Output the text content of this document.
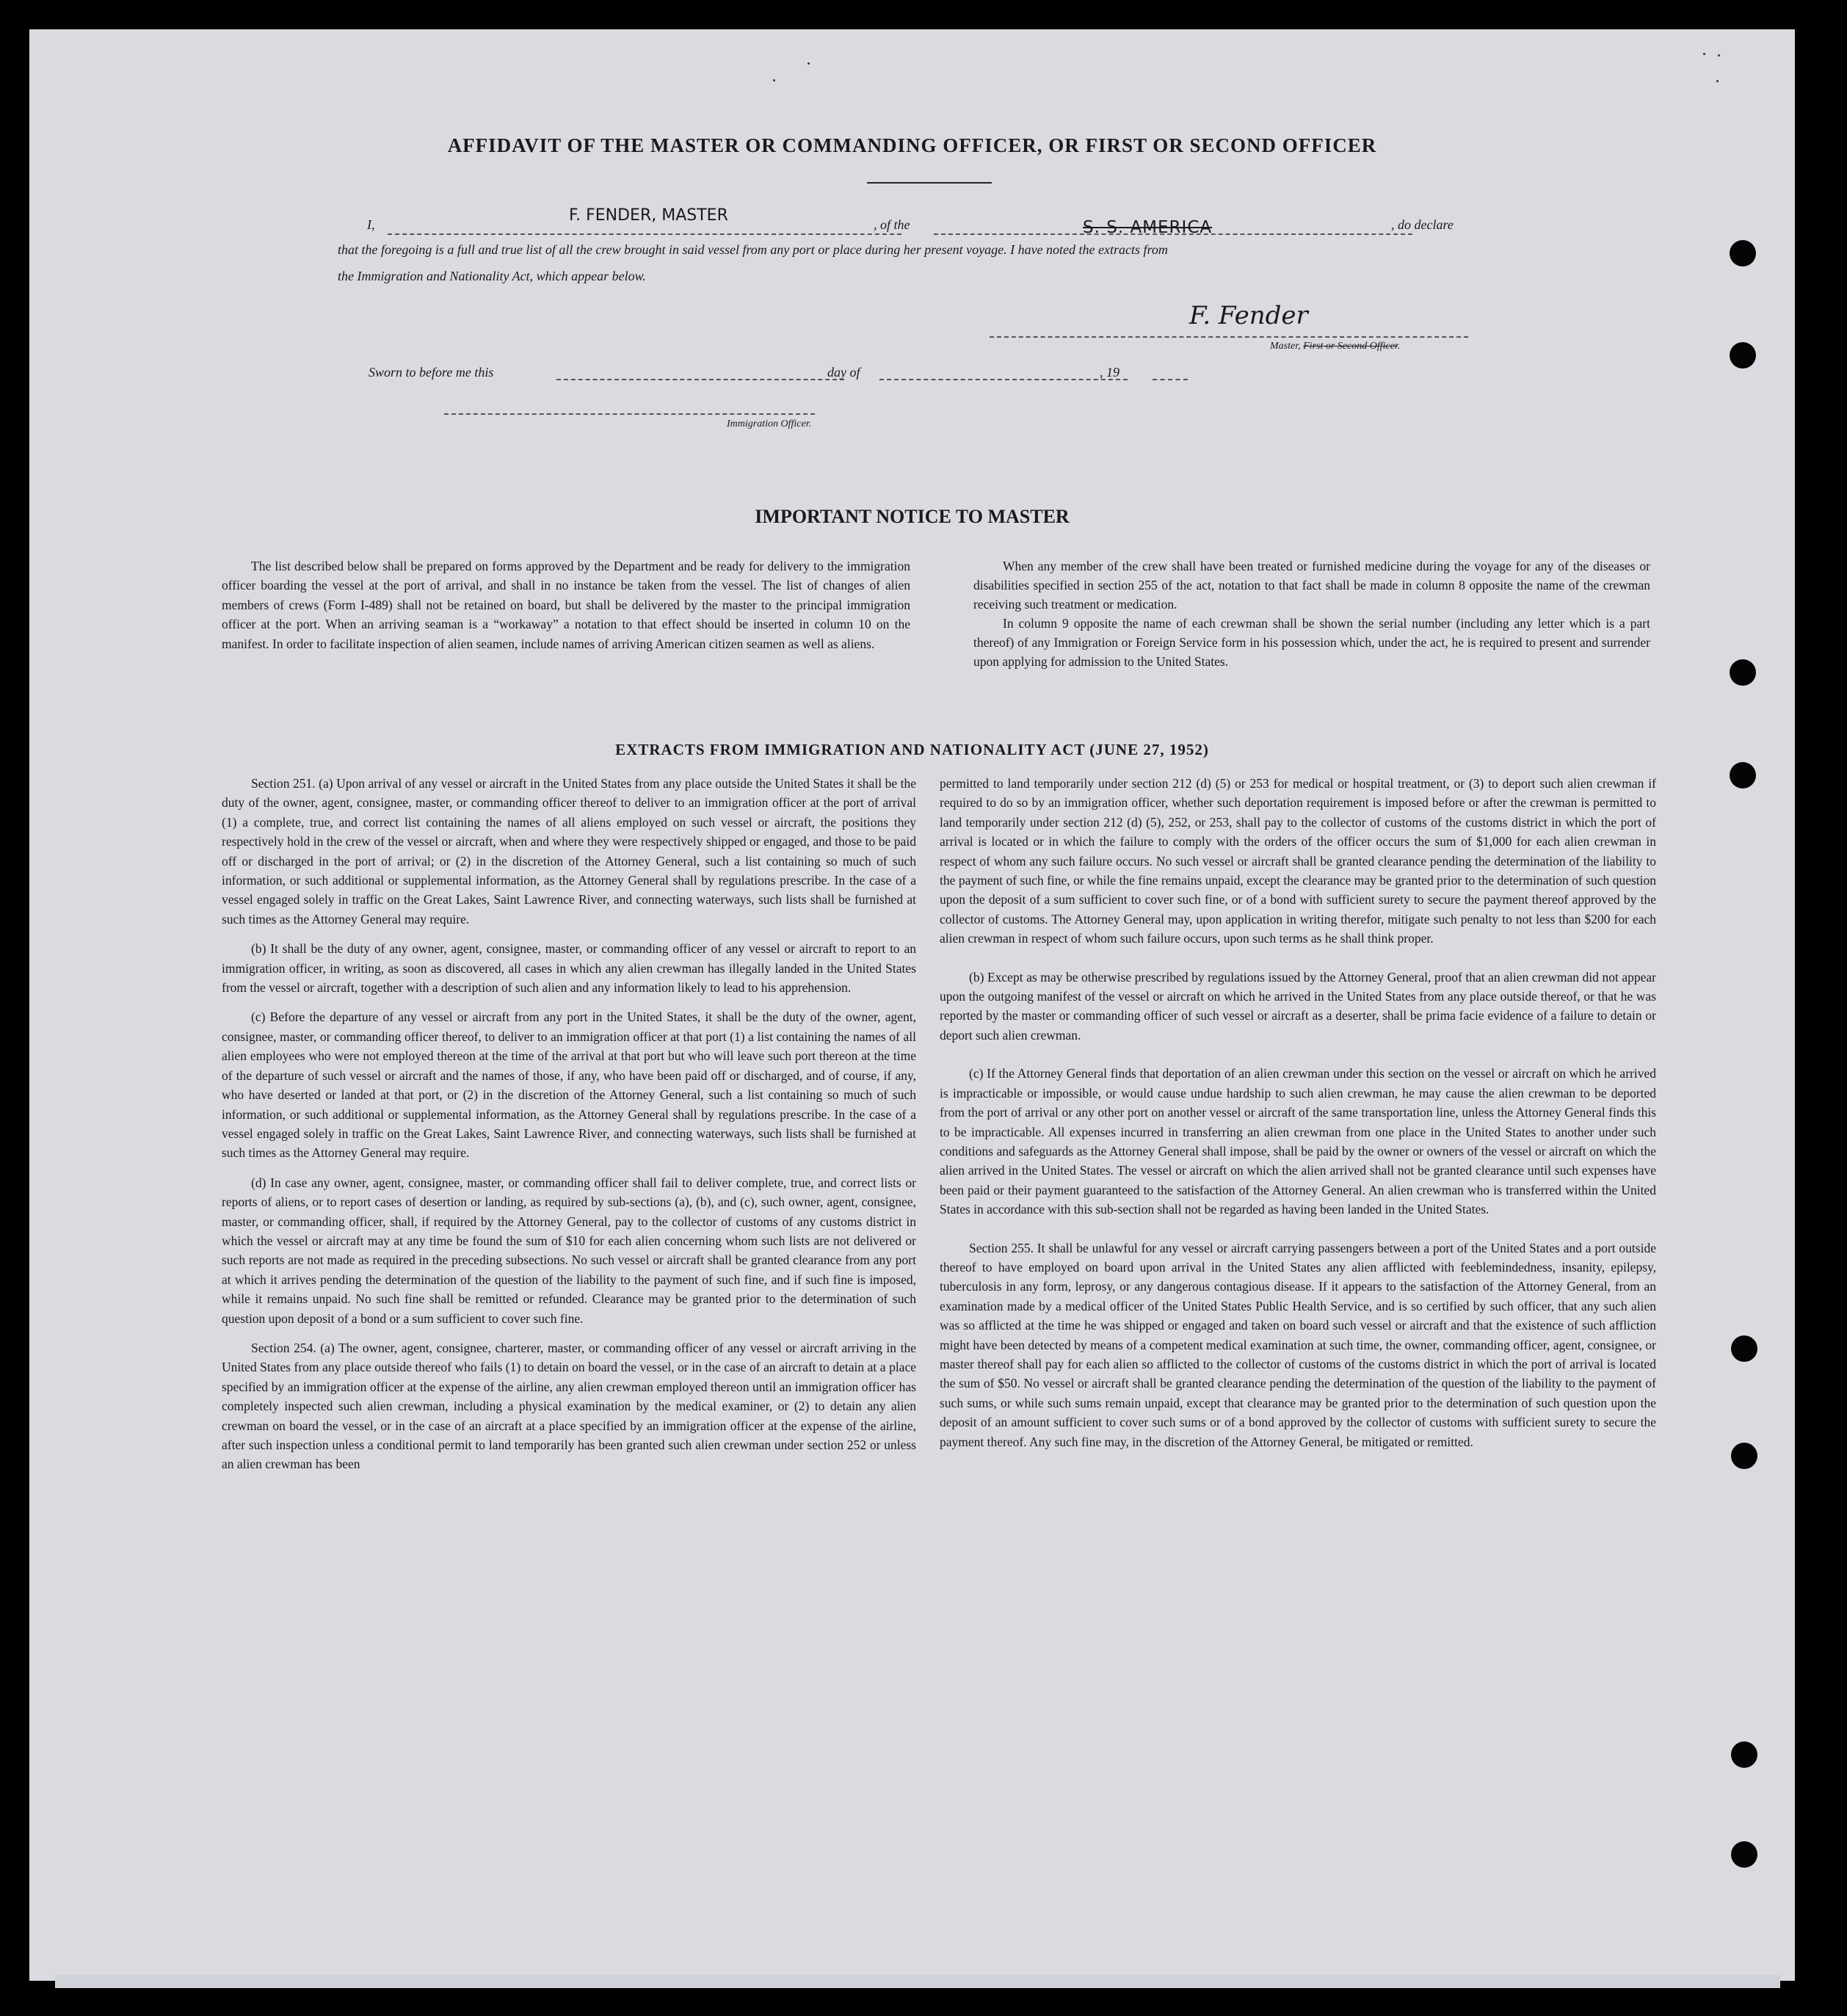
AFFIDAVIT OF THE MASTER OR COMMANDING OFFICER, OR FIRST OR SECOND OFFICER
I,	F. FENDER, MASTER	, of the	S. S. AMERICA	, do declare
that the foregoing is a full and true list of all the crew brought in said vessel from any port or place during her present voyage. I have noted the extracts from
the Immigration and Nationality Act, which appear below.
F. Fender
Master, First or Second Officer.
Sworn to before me this	day of	, 19
Immigration Officer.
IMPORTANT NOTICE TO MASTER

The list described below shall be prepared on forms approved by the Department and be ready for delivery to the immigration officer boarding the vessel at the port of arrival, and shall in no instance be taken from the vessel. The list of changes of alien members of crews (Form I-489) shall not be retained on board, but shall be delivered by the master to the principal immigration officer at the port. When an arriving seaman is a “workaway” a notation to that effect should be inserted in column 10 on the manifest. In order to facilitate inspection of alien seamen, include names of arriving American citizen seamen as well as aliens.

When any member of the crew shall have been treated or furnished medicine during the voyage for any of the diseases or disabilities specified in section 255 of the act, notation to that fact shall be made in column 8 opposite the name of the crewman receiving such treatment or medication.

In column 9 opposite the name of each crewman shall be shown the serial number (including any letter which is a part thereof) of any Immigration or Foreign Service form in his possession which, under the act, he is required to present and surrender upon applying for admission to the United States.

EXTRACTS FROM IMMIGRATION AND NATIONALITY ACT (JUNE 27, 1952)

Section 251. (a) Upon arrival of any vessel or aircraft in the United States from any place outside the United States it shall be the duty of the owner, agent, consignee, master, or commanding officer thereof to deliver to an immigration officer at the port of arrival (1) a complete, true, and correct list containing the names of all aliens employed on such vessel or aircraft, the positions they respectively hold in the crew of the vessel or aircraft, when and where they were respectively shipped or engaged, and those to be paid off or discharged in the port of arrival; or (2) in the discretion of the Attorney General, such a list containing so much of such information, or such additional or supplemental information, as the Attorney General shall by regulations prescribe. In the case of a vessel engaged solely in traffic on the Great Lakes, Saint Lawrence River, and connecting waterways, such lists shall be furnished at such times as the Attorney General may require.

(b) It shall be the duty of any owner, agent, consignee, master, or commanding officer of any vessel or aircraft to report to an immigration officer, in writing, as soon as discovered, all cases in which any alien crewman has illegally landed in the United States from the vessel or aircraft, together with a description of such alien and any information likely to lead to his apprehension.

(c) Before the departure of any vessel or aircraft from any port in the United States, it shall be the duty of the owner, agent, consignee, master, or commanding officer thereof, to deliver to an immigration officer at that port (1) a list containing the names of all alien employees who were not employed thereon at the time of the arrival at that port but who will leave such port thereon at the time of the departure of such vessel or aircraft and the names of those, if any, who have been paid off or discharged, and of course, if any, who have deserted or landed at that port, or (2) in the discretion of the Attorney General, such a list containing so much of such information, or such additional or supplemental information, as the Attorney General shall by regulations prescribe. In the case of a vessel engaged solely in traffic on the Great Lakes, Saint Lawrence River, and connecting waterways, such lists shall be furnished at such times as the Attorney General may require.

(d) In case any owner, agent, consignee, master, or commanding officer shall fail to deliver complete, true, and correct lists or reports of aliens, or to report cases of desertion or landing, as required by sub-sections (a), (b), and (c), such owner, agent, consignee, master, or commanding officer, shall, if required by the Attorney General, pay to the collector of customs of any customs district in which the vessel or aircraft may at any time be found the sum of $10 for each alien concerning whom such lists are not delivered or such reports are not made as required in the preceding subsections. No such vessel or aircraft shall be granted clearance from any port at which it arrives pending the determination of the question of the liability to the payment of such fine, and if such fine is imposed, while it remains unpaid. No such fine shall be remitted or refunded. Clearance may be granted prior to the determination of such question upon deposit of a bond or a sum sufficient to cover such fine.

Section 254. (a) The owner, agent, consignee, charterer, master, or commanding officer of any vessel or aircraft arriving in the United States from any place outside thereof who fails (1) to detain on board the vessel, or in the case of an aircraft to detain at a place specified by an immigration officer at the expense of the airline, any alien crewman employed thereon until an immigration officer has completely inspected such alien crewman, including a physical examination by the medical examiner, or (2) to detain any alien crewman on board the vessel, or in the case of an aircraft at a place specified by an immigration officer at the expense of the airline, after such inspection unless a conditional permit to land temporarily has been granted such alien crewman under section 252 or unless an alien crewman has been

permitted to land temporarily under section 212 (d) (5) or 253 for medical or hospital treatment, or (3) to deport such alien crewman if required to do so by an immigration officer, whether such deportation requirement is imposed before or after the crewman is permitted to land temporarily under section 212 (d) (5), 252, or 253, shall pay to the collector of customs of the customs district in which the port of arrival is located or in which the failure to comply with the orders of the officer occurs the sum of $1,000 for each alien crewman in respect of whom any such failure occurs. No such vessel or aircraft shall be granted clearance pending the determination of the liability to the payment of such fine, or while the fine remains unpaid, except the clearance may be granted prior to the determination of such question upon the deposit of a sum sufficient to cover such fine, or of a bond with sufficient surety to secure the payment thereof approved by the collector of customs. The Attorney General may, upon application in writing therefor, mitigate such penalty to not less than $200 for each alien crewman in respect of whom such failure occurs, upon such terms as he shall think proper.

(b) Except as may be otherwise prescribed by regulations issued by the Attorney General, proof that an alien crewman did not appear upon the outgoing manifest of the vessel or aircraft on which he arrived in the United States from any place outside thereof, or that he was reported by the master or commanding officer of such vessel or aircraft as a deserter, shall be prima facie evidence of a failure to detain or deport such alien crewman.

(c) If the Attorney General finds that deportation of an alien crewman under this section on the vessel or aircraft on which he arrived is impracticable or impossible, or would cause undue hardship to such alien crewman, he may cause the alien crewman to be deported from the port of arrival or any other port on another vessel or aircraft of the same transportation line, unless the Attorney General finds this to be impracticable. All expenses incurred in transferring an alien crewman from one place in the United States to another under such conditions and safeguards as the Attorney General shall impose, shall be paid by the owner or owners of the vessel or aircraft on which the alien arrived in the United States. The vessel or aircraft on which the alien arrived shall not be granted clearance until such expenses have been paid or their payment guaranteed to the satisfaction of the Attorney General. An alien crewman who is transferred within the United States in accordance with this sub-section shall not be regarded as having been landed in the United States.

Section 255. It shall be unlawful for any vessel or aircraft carrying passengers between a port of the United States and a port outside thereof to have employed on board upon arrival in the United States any alien afflicted with feeblemindedness, insanity, epilepsy, tuberculosis in any form, leprosy, or any dangerous contagious disease. If it appears to the satisfaction of the Attorney General, from an examination made by a medical officer of the United States Public Health Service, and is so certified by such officer, that any such alien was so afflicted at the time he was shipped or engaged and taken on board such vessel or aircraft and that the existence of such affliction might have been detected by means of a competent medical examination at such time, the owner, commanding officer, agent, consignee, or master thereof shall pay for each alien so afflicted to the collector of customs of the customs district in which the port of arrival is located the sum of $50. No vessel or aircraft shall be granted clearance pending the determination of the question of the liability to the payment of such sums, or while such sums remain unpaid, except that clearance may be granted prior to the determination of such question upon the deposit of an amount sufficient to cover such sums or of a bond approved by the collector of customs with sufficient surety to secure the payment thereof. Any such fine may, in the discretion of the Attorney General, be mitigated or remitted.
